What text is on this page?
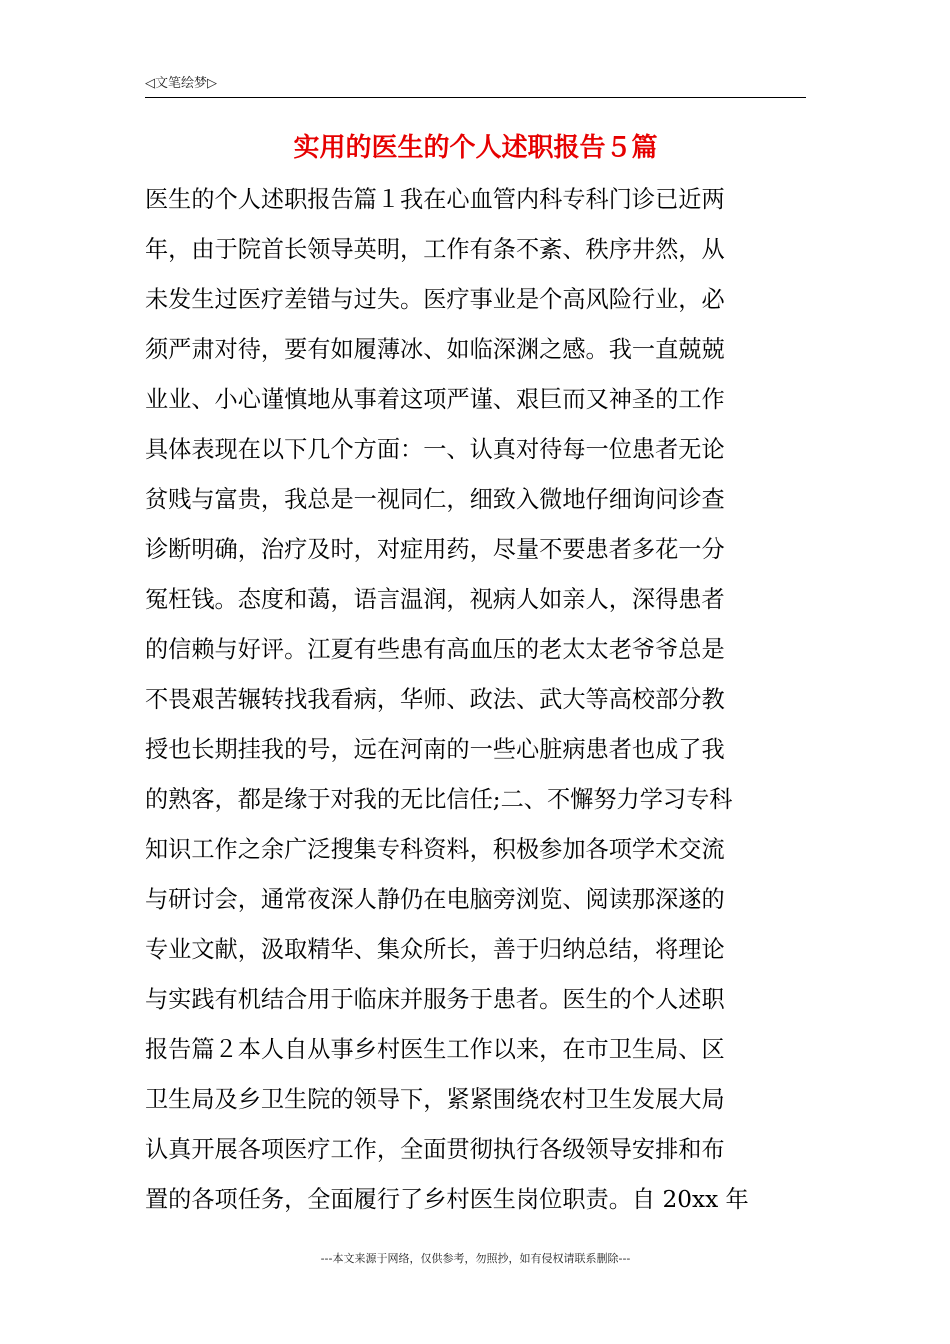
◁文笔绘梦▷
实用的医生的个人述职报告５篇
医生的个人述职报告篇１我在心血管内科专科门诊已近两
年，由于院首长领导英明，工作有条不紊、秩序井然，从
未发生过医疗差错与过失。医疗事业是个高风险行业，必
须严肃对待，要有如履薄冰、如临深渊之感。我一直兢兢
业业、小心谨慎地从事着这项严谨、艰巨而又神圣的工作
具体表现在以下几个方面：一、认真对待每一位患者无论
贫贱与富贵，我总是一视同仁，细致入微地仔细询问诊查
诊断明确，治疗及时，对症用药，尽量不要患者多花一分
冤枉钱。态度和蔼，语言温润，视病人如亲人，深得患者
的信赖与好评。江夏有些患有高血压的老太太老爷爷总是
不畏艰苦辗转找我看病，华师、政法、武大等高校部分教
授也长期挂我的号，远在河南的一些心脏病患者也成了我
的熟客，都是缘于对我的无比信任;二、不懈努力学习专科
知识工作之余广泛搜集专科资料，积极参加各项学术交流
与研讨会，通常夜深人静仍在电脑旁浏览、阅读那深遂的
专业文献，汲取精华、集众所长，善于归纳总结，将理论
与实践有机结合用于临床并服务于患者。医生的个人述职
报告篇２本人自从事乡村医生工作以来，在市卫生局、区
卫生局及乡卫生院的领导下，紧紧围绕农村卫生发展大局
认真开展各项医疗工作，全面贯彻执行各级领导安排和布
置的各项任务，全面履行了乡村医生岗位职责。自 20xx 年
---本文来源于网络，仅供参考，勿照抄，如有侵权请联系删除---
